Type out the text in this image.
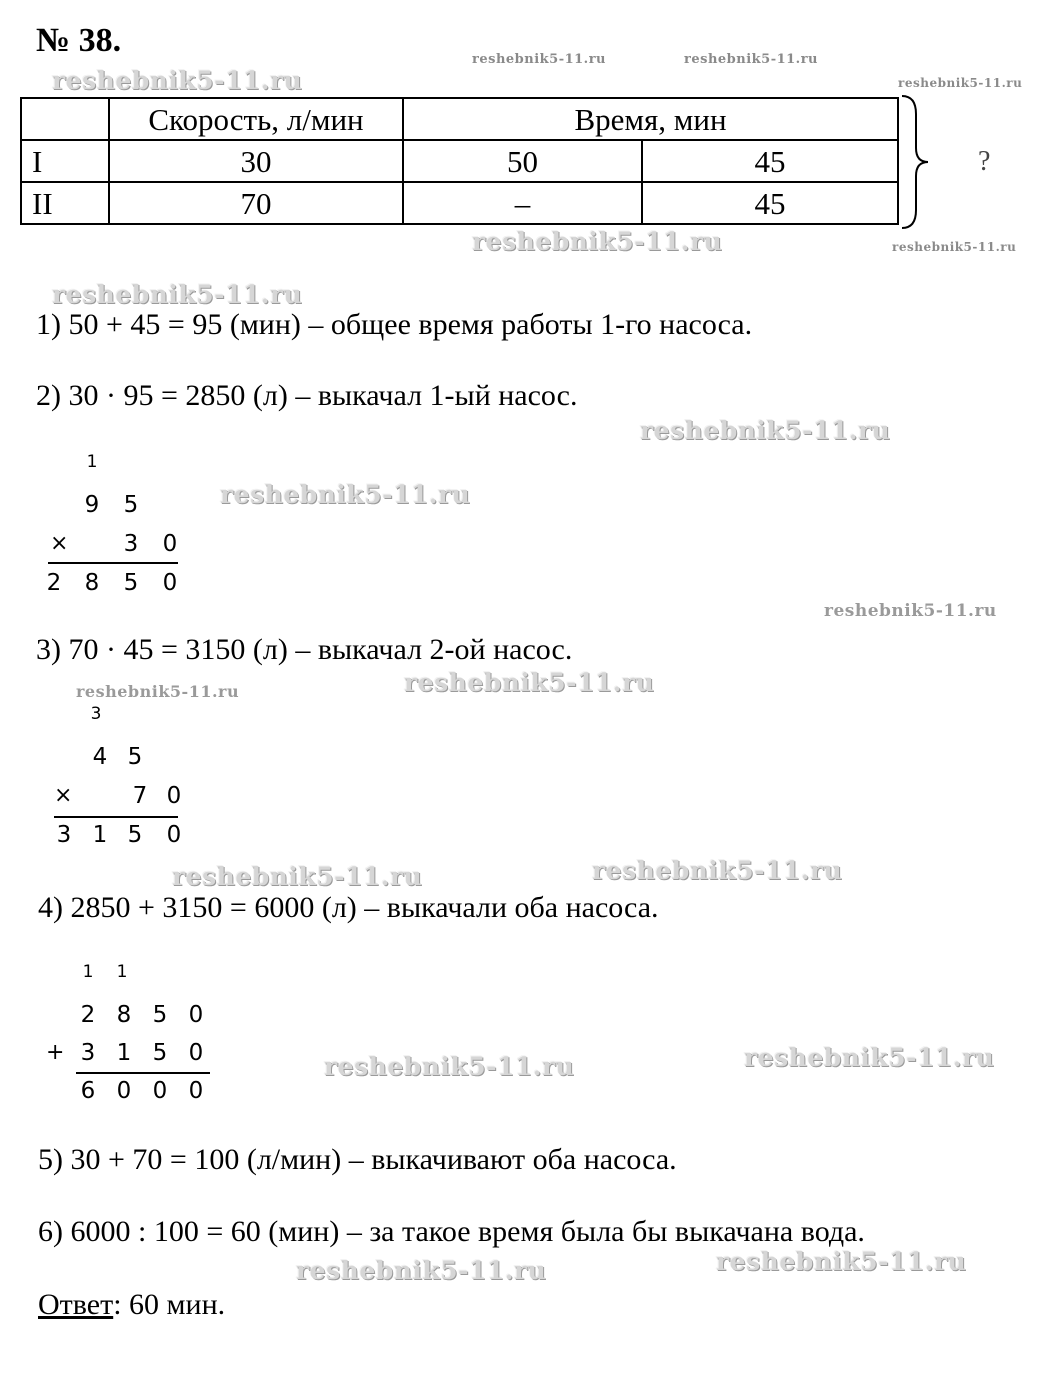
№ 38.
reshebnik5-11.ru
reshebnik5-11.ru	reshebnik5-11.ru
reshebnik5-11.ru
reshebnik5-11.ru	reshebnik5-11.ru
reshebnik5-11.ru
reshebnik5-11.ru
reshebnik5-11.ru
reshebnik5-11.ru
reshebnik5-11.ru
reshebnik5-11.ru
reshebnik5-11.ru	reshebnik5-11.ru
reshebnik5-11.ru	reshebnik5-11.ru
reshebnik5-11.ru
reshebnik5-11.ru
	Скорость, л/мин	Время, мин	
I	30	50	45
II	70	–	45
?
1) 50 + 45 = 95 (мин) – общее время работы 1-го насоса.
2) 30 · 95 = 2850 (л) – выкачал 1-ый насос.
3) 70 · 45 = 3150 (л) – выкачал 2-ой насос.
4) 2850 + 3150 = 6000 (л) – выкачали оба насоса.
5) 30 + 70 = 100 (л/мин) – выкачивают оба насоса.
6) 6000 : 100 = 60 (мин) – за такое время была бы выкачана вода.
1
9 5
× 3 0
2 8 5 0
3
4 5
×	7 0
3 1 5 0
1 1
2 8 5 0
+ 3 1 5 0
6 0 0 0
Ответ: 60 мин.
